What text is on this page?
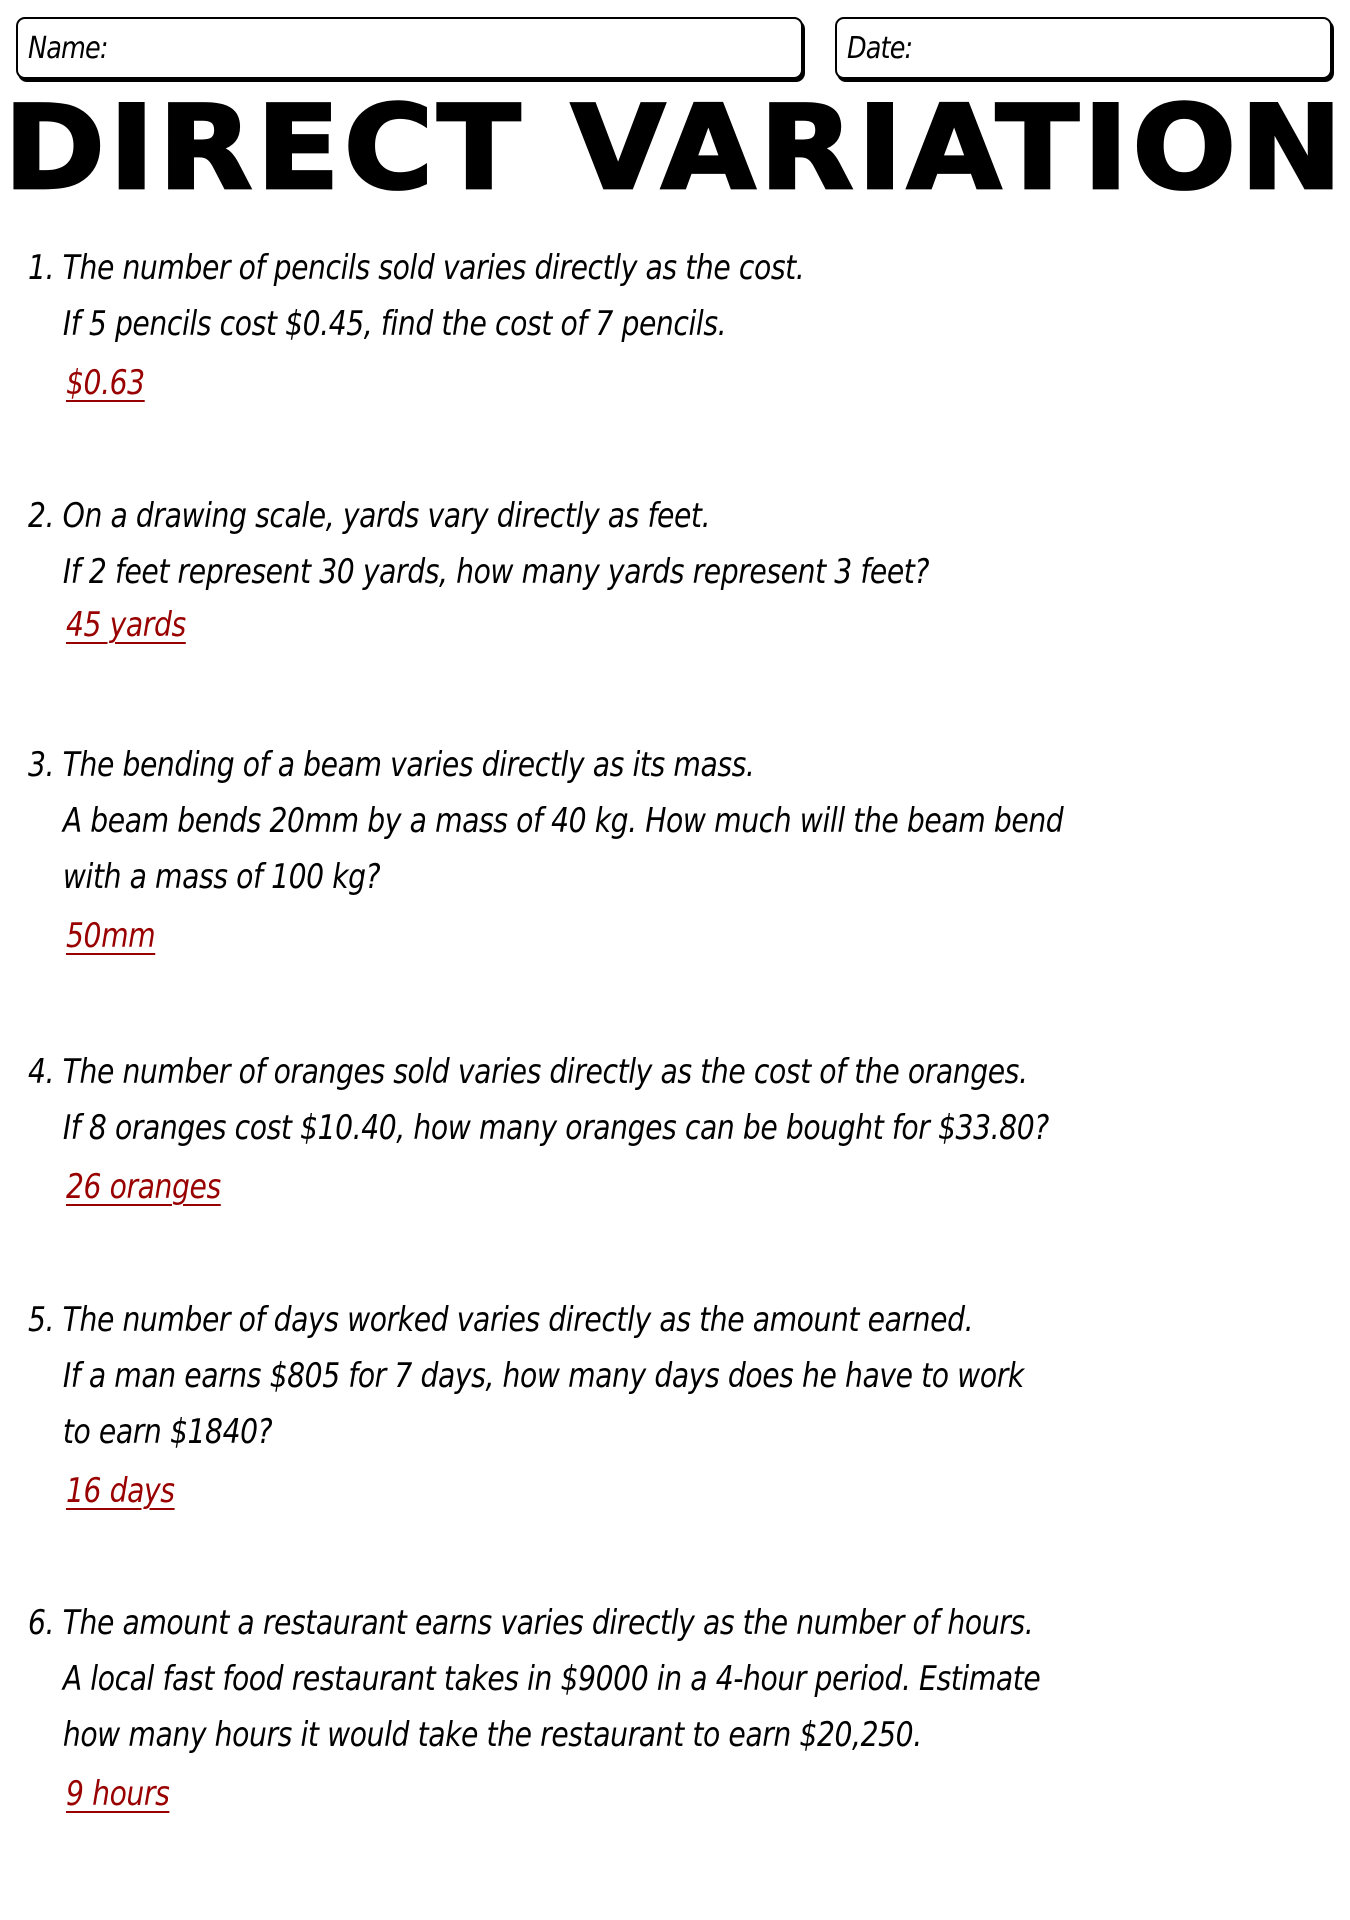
Name:	Date:
DIRECT VARIATION
1. The number of pencils sold varies directly as the cost.
If 5 pencils cost $0.45, find the cost of 7 pencils.
$0.63
2. On a drawing scale, yards vary directly as feet.
If 2 feet represent 30 yards, how many yards represent 3 feet?
45 yards
3. The bending of a beam varies directly as its mass.
A beam bends 20mm by a mass of 40 kg. How much will the beam bend
with a mass of 100 kg?
50mm
4. The number of oranges sold varies directly as the cost of the oranges.
If 8 oranges cost $10.40, how many oranges can be bought for $33.80?
26 oranges
5. The number of days worked varies directly as the amount earned.
If a man earns $805 for 7 days, how many days does he have to work
to earn $1840?
16 days
6. The amount a restaurant earns varies directly as the number of hours.
A local fast food restaurant takes in $9000 in a 4-hour period. Estimate
how many hours it would take the restaurant to earn $20,250.
9 hours
